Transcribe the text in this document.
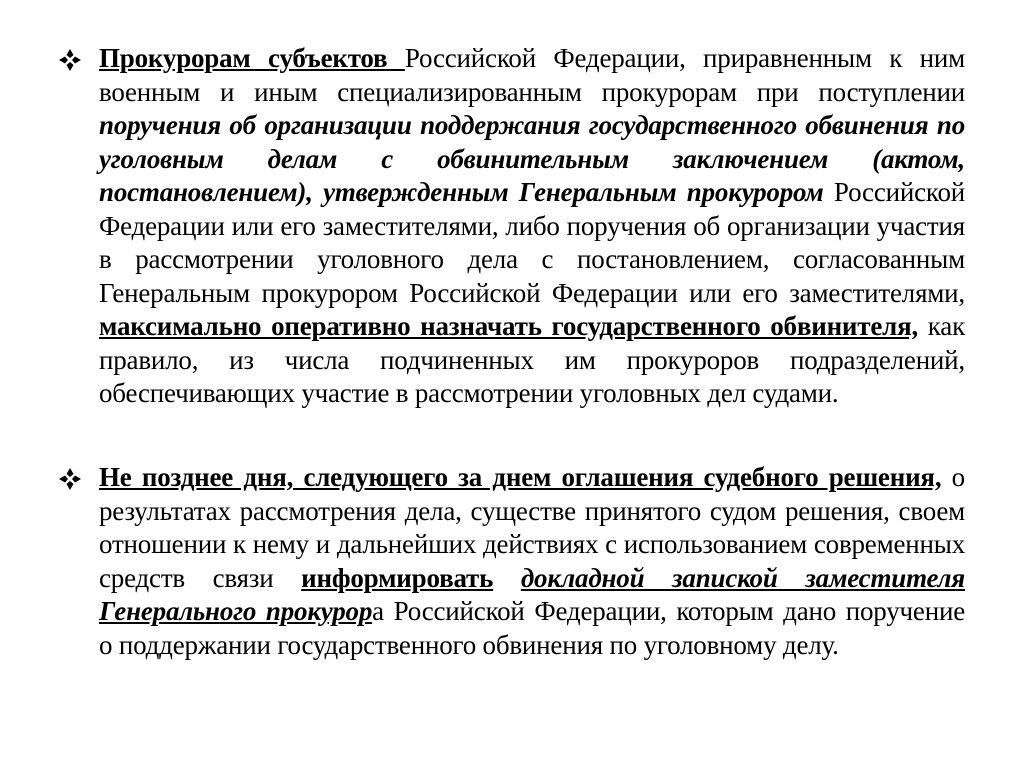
Прокурорам субъектов Российской Федерации, приравненным к ним военным и иным специализированным прокурорам при поступлении поручения об организации поддержания государственного обвинения по уголовным делам с обвинительным заключением (актом, постановлением), утвержденным Генеральным прокурором Российской Федерации или его заместителями, либо поручения об организации участия в рассмотрении уголовного дела с постановлением, согласованным Генеральным прокурором Российской Федерации или его заместителями, максимально оперативно назначать государственного обвинителя, как правило, из числа подчиненных им прокуроров подразделений, обеспечивающих участие в рассмотрении уголовных дел судами.
Не позднее дня, следующего за днем оглашения судебного решения, о результатах рассмотрения дела, существе принятого судом решения, своем отношении к нему и дальнейших действиях с использованием современных средств связи информировать докладной запиской заместителя Генерального прокурора Российской Федерации, которым дано поручение о поддержании государственного обвинения по уголовному делу.
